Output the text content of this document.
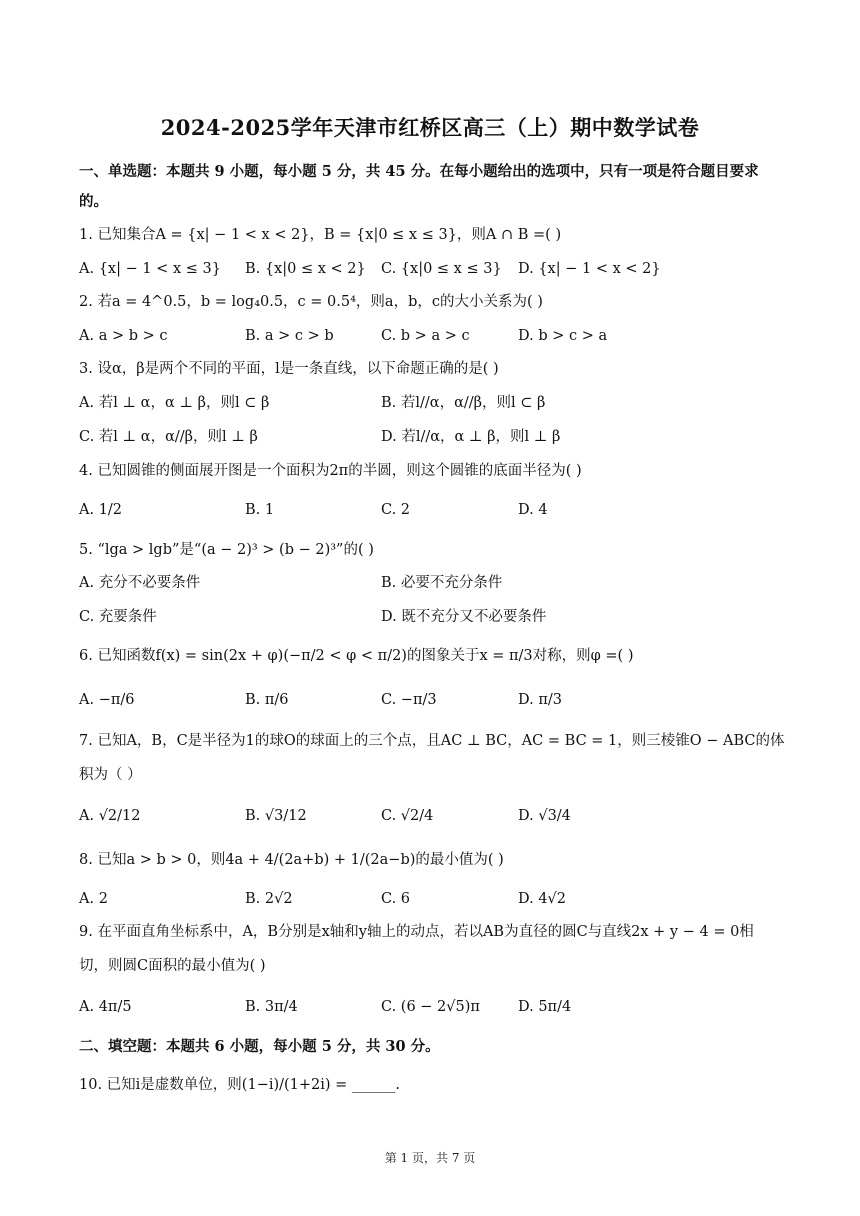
2024-2025学年天津市红桥区高三（上）期中数学试卷
一、单选题：本题共 9 小题，每小题 5 分，共 45 分。在每小题给出的选项中，只有一项是符合题目要求
的。
1. 已知集合A = {x| − 1 < x < 2}，B = {x|0 ≤ x ≤ 3}，则A ∩ B =( )
A. {x| − 1 < x ≤ 3} B. {x|0 ≤ x < 2} C. {x|0 ≤ x ≤ 3} D. {x| − 1 < x < 2}
2. 若a = 4^0.5，b = log₄0.5，c = 0.5⁴，则a，b，c的大小关系为( )
A. a > b > c	B. a > c > b	C. b > a > c	D. b > c > a
3. 设α，β是两个不同的平面，l是一条直线，以下命题正确的是( )
A. 若l ⊥ α，α ⊥ β，则l ⊂ β	B. 若l//α，α//β，则l ⊂ β
C. 若l ⊥ α，α//β，则l ⊥ β	D. 若l//α，α ⊥ β，则l ⊥ β
4. 已知圆锥的侧面展开图是一个面积为2π的半圆，则这个圆锥的底面半径为( )
A. 1/2	B. 1	C. 2	D. 4
5. “lga > lgb”是“(a − 2)³ > (b − 2)³”的( )
A. 充分不必要条件	B. 必要不充分条件
C. 充要条件	D. 既不充分又不必要条件
6. 已知函数f(x) = sin(2x + φ)(−π/2 < φ < π/2)的图象关于x = π/3对称，则φ =( )
A. −π/6	B. π/6	C. −π/3	D. π/3
7. 已知A，B，C是半径为1的球O的球面上的三个点，且AC ⊥ BC，AC = BC = 1，则三棱锥O − ABC的体
积为（ ）
A. √2/12	B. √3/12	C. √2/4	D. √3/4
8. 已知a > b > 0，则4a + 4/(2a+b) + 1/(2a−b)的最小值为( )
A. 2	B. 2√2	C. 6	D. 4√2
9. 在平面直角坐标系中，A，B分别是x轴和y轴上的动点，若以AB为直径的圆C与直线2x + y − 4 = 0相
切，则圆C面积的最小值为( )
A. 4π/5	B. 3π/4	C. (6 − 2√5)π	D. 5π/4
二、填空题：本题共 6 小题，每小题 5 分，共 30 分。
10. 已知i是虚数单位，则(1−i)/(1+2i) = ______.
第 1 页，共 7 页
